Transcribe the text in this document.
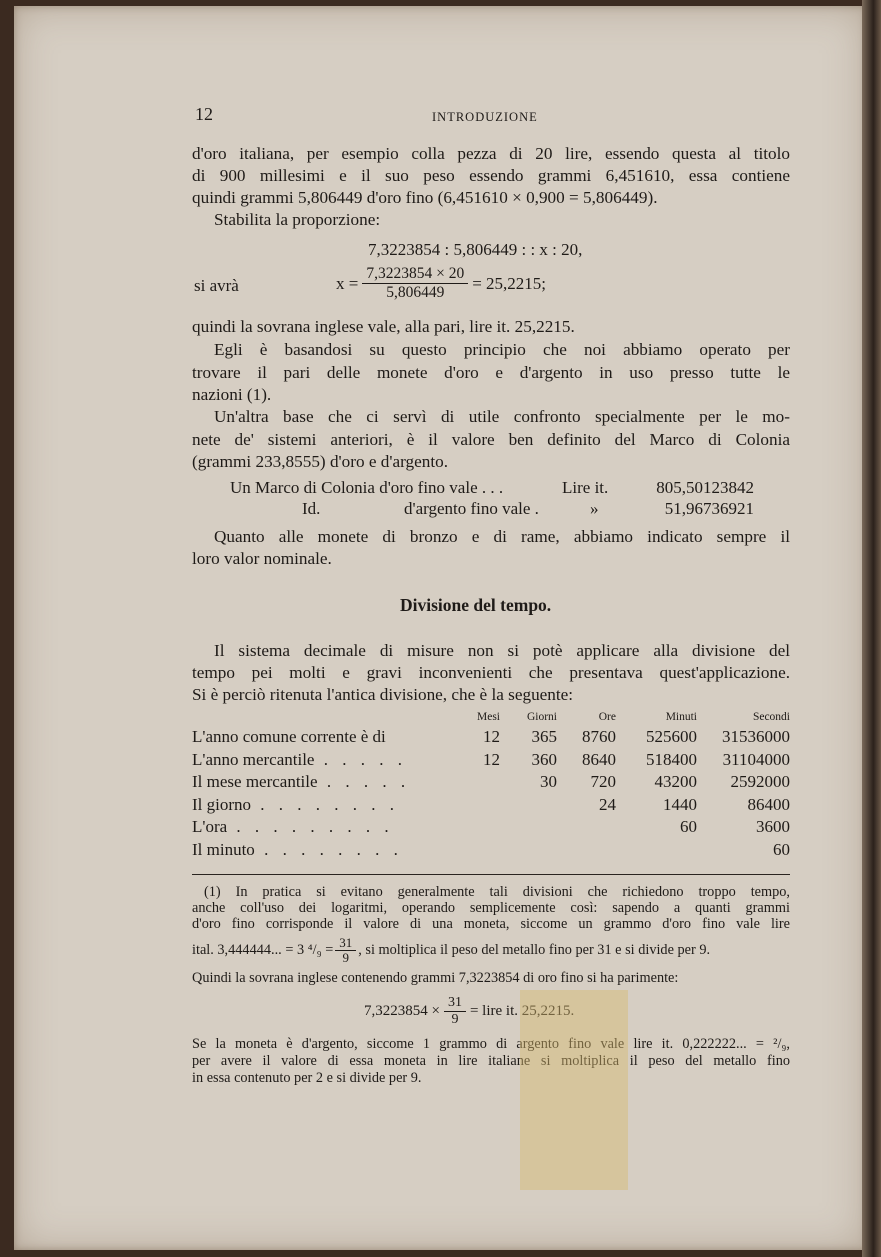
12	INTRODUZIONE
d'oro italiana, per esempio colla pezza di 20 lire, essendo questa al titolo
di 900 millesimi e il suo peso essendo grammi 6,451610, essa contiene
quindi grammi 5,806449 d'oro fino (6,451610 × 0,900 = 5,806449).
Stabilita la proporzione:
7,3223854 : 5,806449 : : x : 20,
si avrà	$x = \frac{7,3223854 \times 20}{5,806449} = 25,2215$;
quindi la sovrana inglese vale, alla pari, lire it. 25,2215.
Egli è basandosi su questo principio che noi abbiamo operato per
trovare il pari delle monete d'oro e d'argento in uso presso tutte le
nazioni (1).
Un'altra base che ci servì di utile confronto specialmente per le mo-
nete de' sistemi anteriori, è il valore ben definito del Marco di Colonia
(grammi 233,8555) d'oro e d'argento.
Un Marco di Colonia d'oro fino vale . . .	Lire it.	805,50123842
Id.	d'argento fino vale .	»	51,96736921
Quanto alle monete di bronzo e di rame, abbiamo indicato sempre il
loro valor nominale.
Divisione del tempo.
Il sistema decimale di misure non si potè applicare alla divisione del
tempo pei molti e gravi inconvenienti che presentava quest'applicazione.
Si è perciò ritenuta l'antica divisione, che è la seguente:
	Mesi	Giorni	Ore	Minuti	Secondi
L'anno comune corrente è di	12	365	8760	525600	31536000
L'anno mercantile . . . . .	12	360	8640	518400	31104000
Il mese mercantile . . . . .		30	720	43200	2592000
Il giorno . . . . . . . .			24	1440	86400
L'ora . . . . . . . . .				60	3600
Il minuto . . . . . . . .					60
(1) In pratica si evitano generalmente tali divisioni che richiedono troppo tempo,
anche coll'uso dei logaritmi, operando semplicemente così: sapendo a quanti grammi
d'oro fino corrisponde il valore di una moneta, siccome un grammo d'oro fino vale lire
ital. 3,444444... = 3 $^4/_9 = \frac{31}{9}$ , si moltiplica il peso del metallo fino per 31 e si divide per 9.
Quindi la sovrana inglese contenendo grammi 7,3223854 di oro fino si ha parimente:
$7,3223854 \times \frac{31}{9}$ = lire it. 25,2215.
Se la moneta è d'argento, siccome 1 grammo di argento fino vale lire it. 0,222222... = ²/₉,
per avere il valore di essa moneta in lire italiane si moltiplica il peso del metallo fino
in essa contenuto per 2 e si divide per 9.
